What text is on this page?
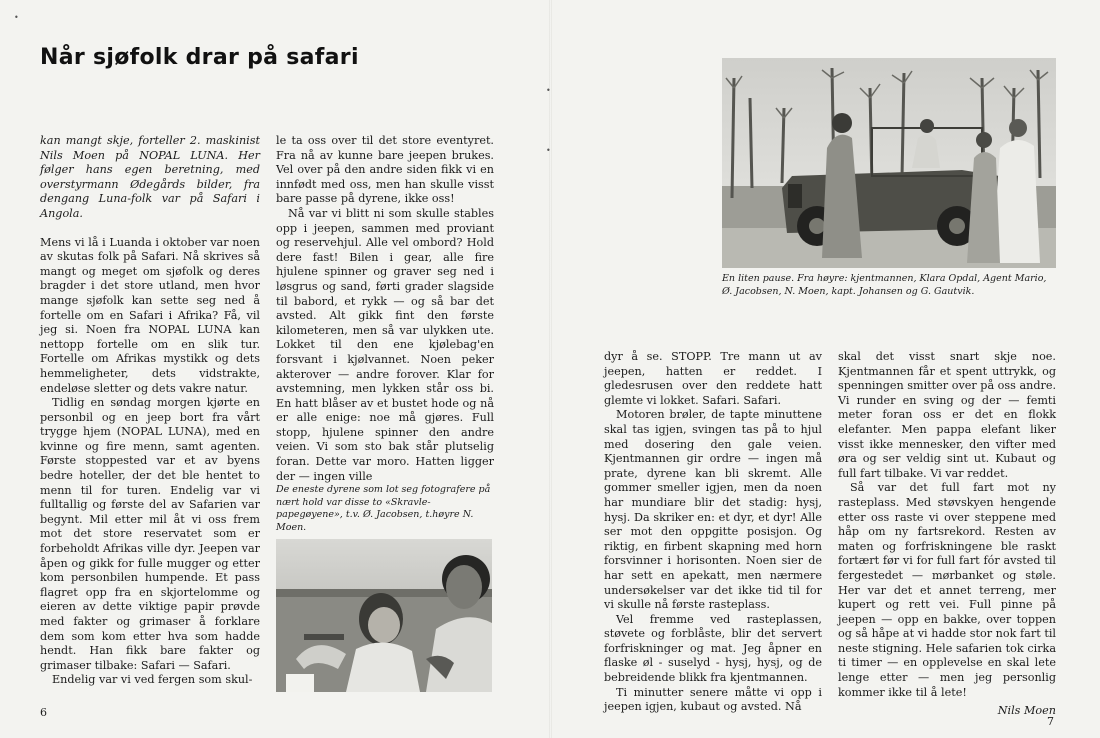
•
•
•
Når sjøfolk drar på safari

kan mangt skje, forteller 2. maskinist Nils Moen på NOPAL LUNA. Her følger hans egen beretning, med overstyrmann Ødegårds bilder, fra dengang Luna-folk var på Safari i Angola.

Mens vi lå i Luanda i oktober var noen av skutas folk på Safari. Nå skrives så mangt og meget om sjøfolk og deres bragder i det store utland, men hvor mange sjøfolk kan sette seg ned å fortelle om en Safari i Afrika? Få, vil jeg si. Noen fra NOPAL LUNA kan nettopp fortelle om en slik tur. Fortelle om Afrikas mystikk og dets hemmeligheter, dets vidstrakte, endeløse sletter og dets vakre natur.

Tidlig en søndag morgen kjørte en personbil og en jeep bort fra vårt trygge hjem (NOPAL LUNA), med en kvinne og fire menn, samt agenten. Første stoppested var et av byens bedre hoteller, der det ble hentet to menn til for turen. Endelig var vi fulltallig og første del av Safarien var begynt. Mil etter mil åt vi oss frem mot det store reservatet som er forbeholdt Afrikas ville dyr. Jeepen var åpen og gikk for fulle mugger og etter kom personbilen humpende. Et pass flagret opp fra en skjortelomme og eieren av dette viktige papir prøvde med fakter og grimaser å forklare dem som kom etter hva som hadde hendt. Han fikk bare fakter og grimaser tilbake: Safari — Safari.

Endelig var vi ved fergen som skul-

le ta oss over til det store eventyret. Fra nå av kunne bare jeepen brukes. Vel over på den andre siden fikk vi en innfødt med oss, men han skulle visst bare passe på dyrene, ikke oss!

Nå var vi blitt ni som skulle stables opp i jeepen, sammen med proviant og reservehjul. Alle vel ombord? Hold dere fast! Bilen i gear, alle fire hjulene spinner og graver seg ned i løsgrus og sand, førti grader slagside til babord, et rykk — og så bar det avsted. Alt gikk fint den første kilometeren, men så var ulykken ute. Lokket til den ene kjølebag'en forsvant i kjølvannet. Noen peker akterover — andre forover. Klar for avstemning, men lykken står oss bi. En hatt blåser av et bustet hode og nå er alle enige: noe må gjøres. Full stopp, hjulene spinner den andre veien. Vi som sto bak står plutselig foran. Dette var moro. Hatten ligger der — ingen ville

De eneste dyrene som lot seg fotografere på nært hold var disse to «Skravle-papegøyene», t.v. Ø. Jacobsen, t.høyre N. Moen.

6

En liten pause. Fra høyre: kjentmannen, Klara Opdal, Agent Mario, Ø. Jacobsen, N. Moen, kapt. Johansen og G. Gautvik.

dyr å se. STOPP. Tre mann ut av jeepen, hatten er reddet. I gledesrusen over den reddete hatt glemte vi lokket. Safari. Safari.

Motoren brøler, de tapte minuttene skal tas igjen, svingen tas på to hjul med dosering den gale veien. Kjentmannen gir ordre — ingen må prate, dyrene kan bli skremt. Alle gommer smeller igjen, men da noen har mundiare blir det stadig: hysj, hysj. Da skriker en: et dyr, et dyr! Alle ser mot den oppgitte posisjon. Og riktig, en firbent skapning med horn forsvinner i horisonten. Noen sier de har sett en apekatt, men nærmere undersøkelser var det ikke tid til for vi skulle nå første rasteplass.

Vel fremme ved rasteplassen, støvete og forblåste, blir det servert forfriskninger og mat. Jeg åpner en flaske øl - suselyd - hysj, hysj, og de bebreidende blikk fra kjentmannen.

Ti minutter senere måtte vi opp i jeepen igjen, kubaut og avsted. Nå

skal det visst snart skje noe. Kjentmannen får et spent uttrykk, og spenningen smitter over på oss andre. Vi runder en sving og der — femti meter foran oss er det en flokk elefanter. Men pappa elefant liker visst ikke mennesker, den vifter med øra og ser veldig sint ut. Kubaut og full fart tilbake. Vi var reddet.

Så var det full fart mot ny rasteplass. Med støvskyen hengende etter oss raste vi over steppene med håp om ny fartsrekord. Resten av maten og forfriskningene ble raskt fortært før vi for full fart fór avsted til fergestedet — mørbanket og støle. Her var det et annet terreng, mer kupert og rett vei. Full pinne på jeepen — opp en bakke, over toppen og så håpe at vi hadde stor nok fart til neste stigning. Hele safarien tok cirka ti timer — en opplevelse en skal lete lenge etter — men jeg personlig kommer ikke til å lete!

Nils Moen

7
